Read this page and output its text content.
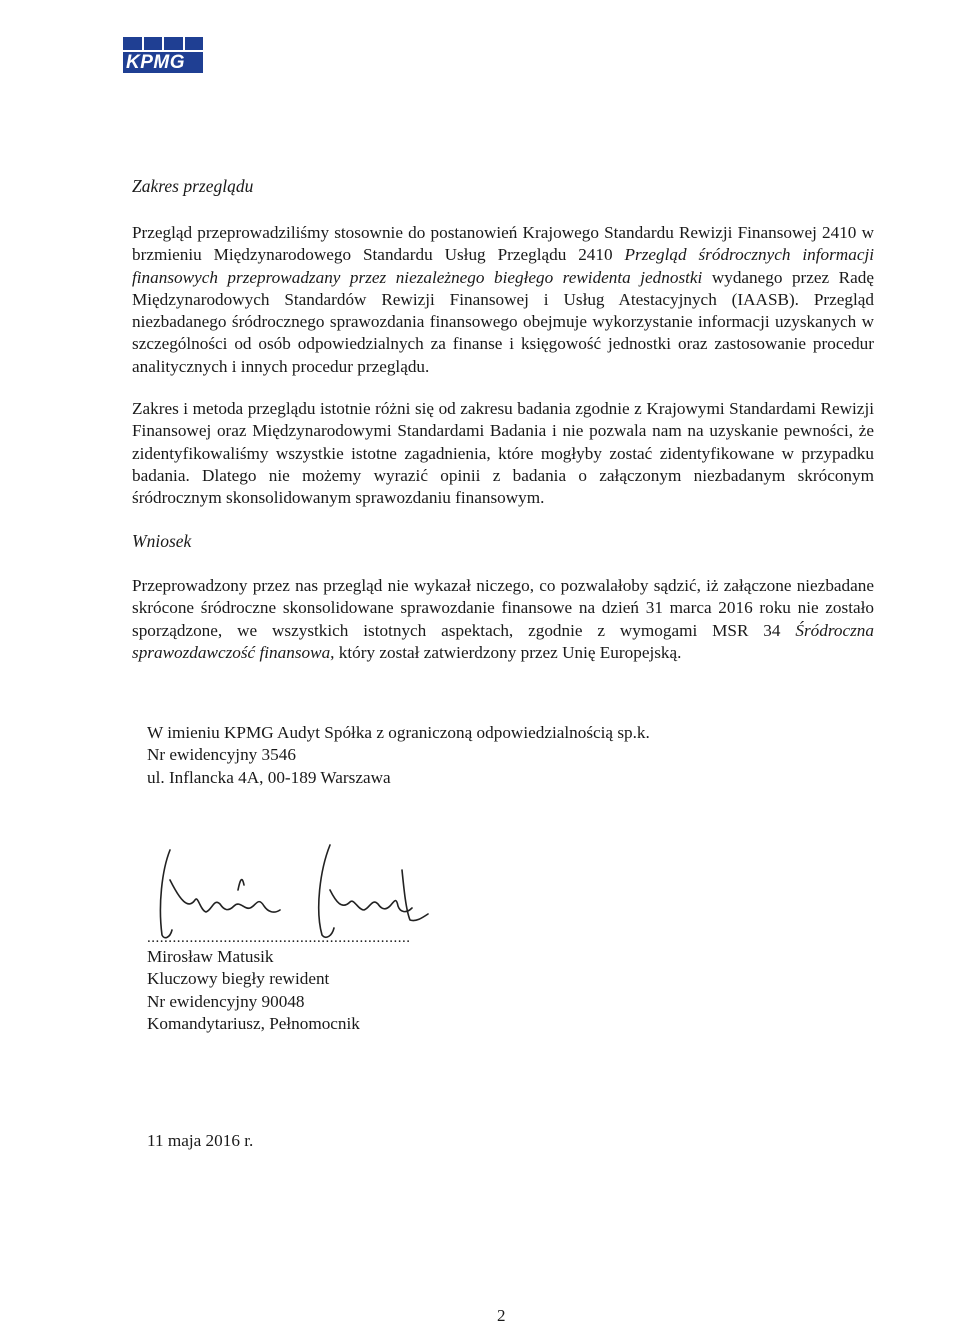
KPMG
Zakres przeglądu
Przegląd przeprowadziliśmy stosownie do postanowień Krajowego Standardu Rewizji Finansowej 2410 w brzmieniu Międzynarodowego Standardu Usług Przeglądu 2410 Przegląd śródrocznych informacji finansowych przeprowadzany przez niezależnego biegłego rewidenta jednostki wydanego przez Radę Międzynarodowych Standardów Rewizji Finansowej i Usług Atestacyjnych (IAASB). Przegląd niezbadanego śródrocznego sprawozdania finansowego obejmuje wykorzystanie informacji uzyskanych w szczególności od osób odpowiedzialnych za finanse i księgowość jednostki oraz zastosowanie procedur analitycznych i innych procedur przeglądu.
Zakres i metoda przeglądu istotnie różni się od zakresu badania zgodnie z Krajowymi Standardami Rewizji Finansowej oraz Międzynarodowymi Standardami Badania i nie pozwala nam na uzyskanie pewności, że zidentyfikowaliśmy wszystkie istotne zagadnienia, które mogłyby zostać zidentyfikowane w przypadku badania. Dlatego nie możemy wyrazić opinii z badania o załączonym niezbadanym skróconym śródrocznym skonsolidowanym sprawozdaniu finansowym.
Wniosek
Przeprowadzony przez nas przegląd nie wykazał niczego, co pozwalałoby sądzić, iż załączone niezbadane skrócone śródroczne skonsolidowane sprawozdanie finansowe na dzień 31 marca 2016 roku nie zostało sporządzone, we wszystkich istotnych aspektach, zgodnie z wymogami MSR 34 Śródroczna sprawozdawczość finansowa, który został zatwierdzony przez Unię Europejską.
W imieniu KPMG Audyt Spółka z ograniczoną odpowiedzialnością sp.k.
Nr ewidencyjny 3546
ul. Inflancka 4A, 00-189 Warszawa
..............................................................
Mirosław Matusik
Kluczowy biegły rewident
Nr ewidencyjny 90048
Komandytariusz, Pełnomocnik
11 maja 2016 r.
2
